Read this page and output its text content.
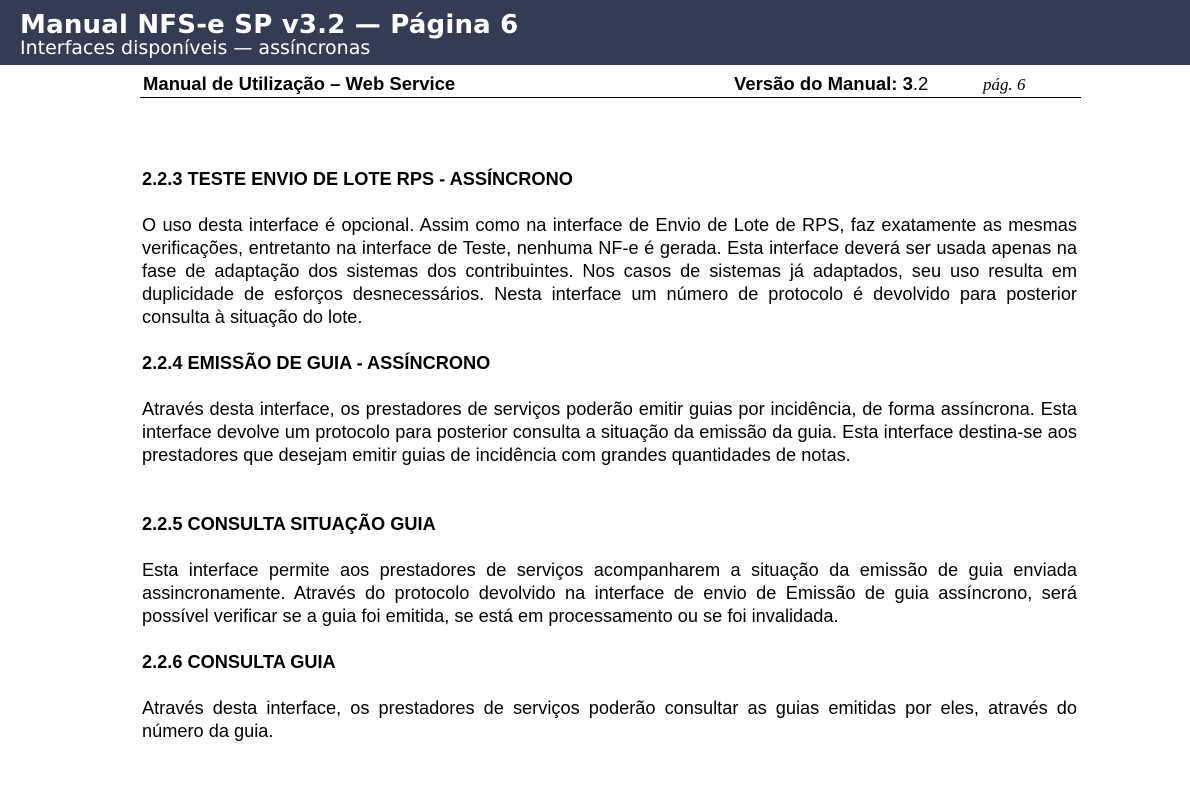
Manual NFS-e SP v3.2 — Página 6
Interfaces disponíveis — assíncronas
Manual de Utilização – Web Service	Versão do Manual: 3.2	pág. 6
2.2.3 TESTE ENVIO DE LOTE RPS - ASSÍNCRONO

O uso desta interface é opcional. Assim como na interface de Envio de Lote de RPS, faz exatamente as mesmas verificações, entretanto na interface de Teste, nenhuma NF-e é gerada. Esta interface deverá ser usada apenas na fase de adaptação dos sistemas dos contribuintes. Nos casos de sistemas já adaptados, seu uso resulta em duplicidade de esforços desnecessários. Nesta interface um número de protocolo é devolvido para posterior consulta à situação do lote.

2.2.4 EMISSÃO DE GUIA - ASSÍNCRONO

Através desta interface, os prestadores de serviços poderão emitir guias por incidência, de forma assíncrona. Esta interface devolve um protocolo para posterior consulta a situação da emissão da guia. Esta interface destina-se aos prestadores que desejam emitir guias de incidência com grandes quantidades de notas.

2.2.5 CONSULTA SITUAÇÃO GUIA

Esta interface permite aos prestadores de serviços acompanharem a situação da emissão de guia enviada assincronamente. Através do protocolo devolvido na interface de envio de Emissão de guia assíncrono, será possível verificar se a guia foi emitida, se está em processamento ou se foi invalidada.

2.2.6 CONSULTA GUIA

Através desta interface, os prestadores de serviços poderão consultar as guias emitidas por eles, através do número da guia.
